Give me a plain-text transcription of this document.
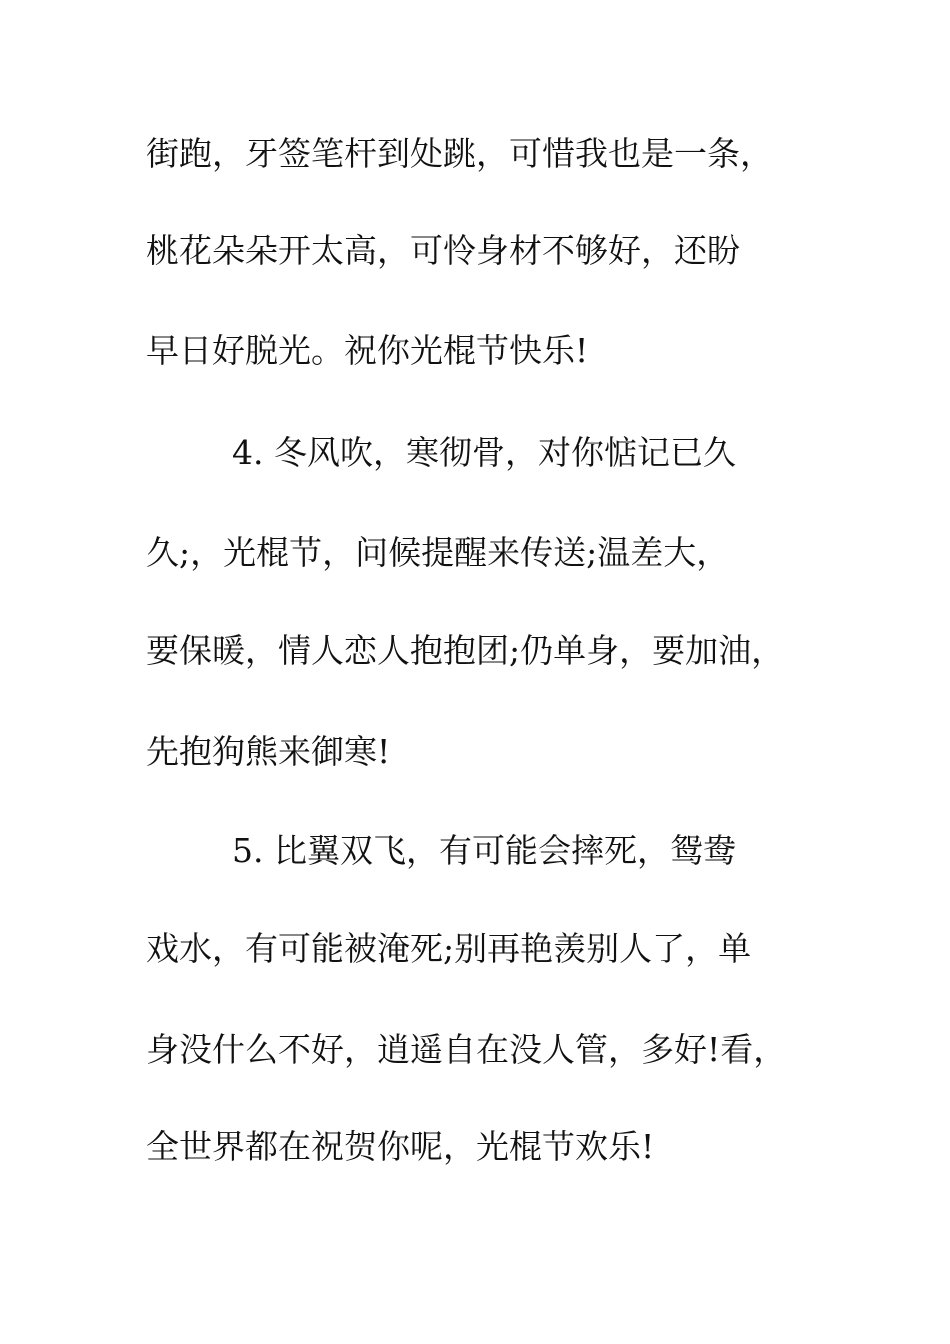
街跑，牙签笔杆到处跳，可惜我也是一条，
桃花朵朵开太高，可怜身材不够好，还盼
早日好脱光。祝你光棍节快乐!
4. 冬风吹，寒彻骨，对你惦记已久
久;，光棍节，问候提醒来传送;温差大，
要保暖，情人恋人抱抱团;仍单身，要加油，
先抱狗熊来御寒!
5. 比翼双飞，有可能会摔死，鸳鸯
戏水，有可能被淹死;别再艳羡别人了，单
身没什么不好，逍遥自在没人管，多好!看，
全世界都在祝贺你呢，光棍节欢乐!
